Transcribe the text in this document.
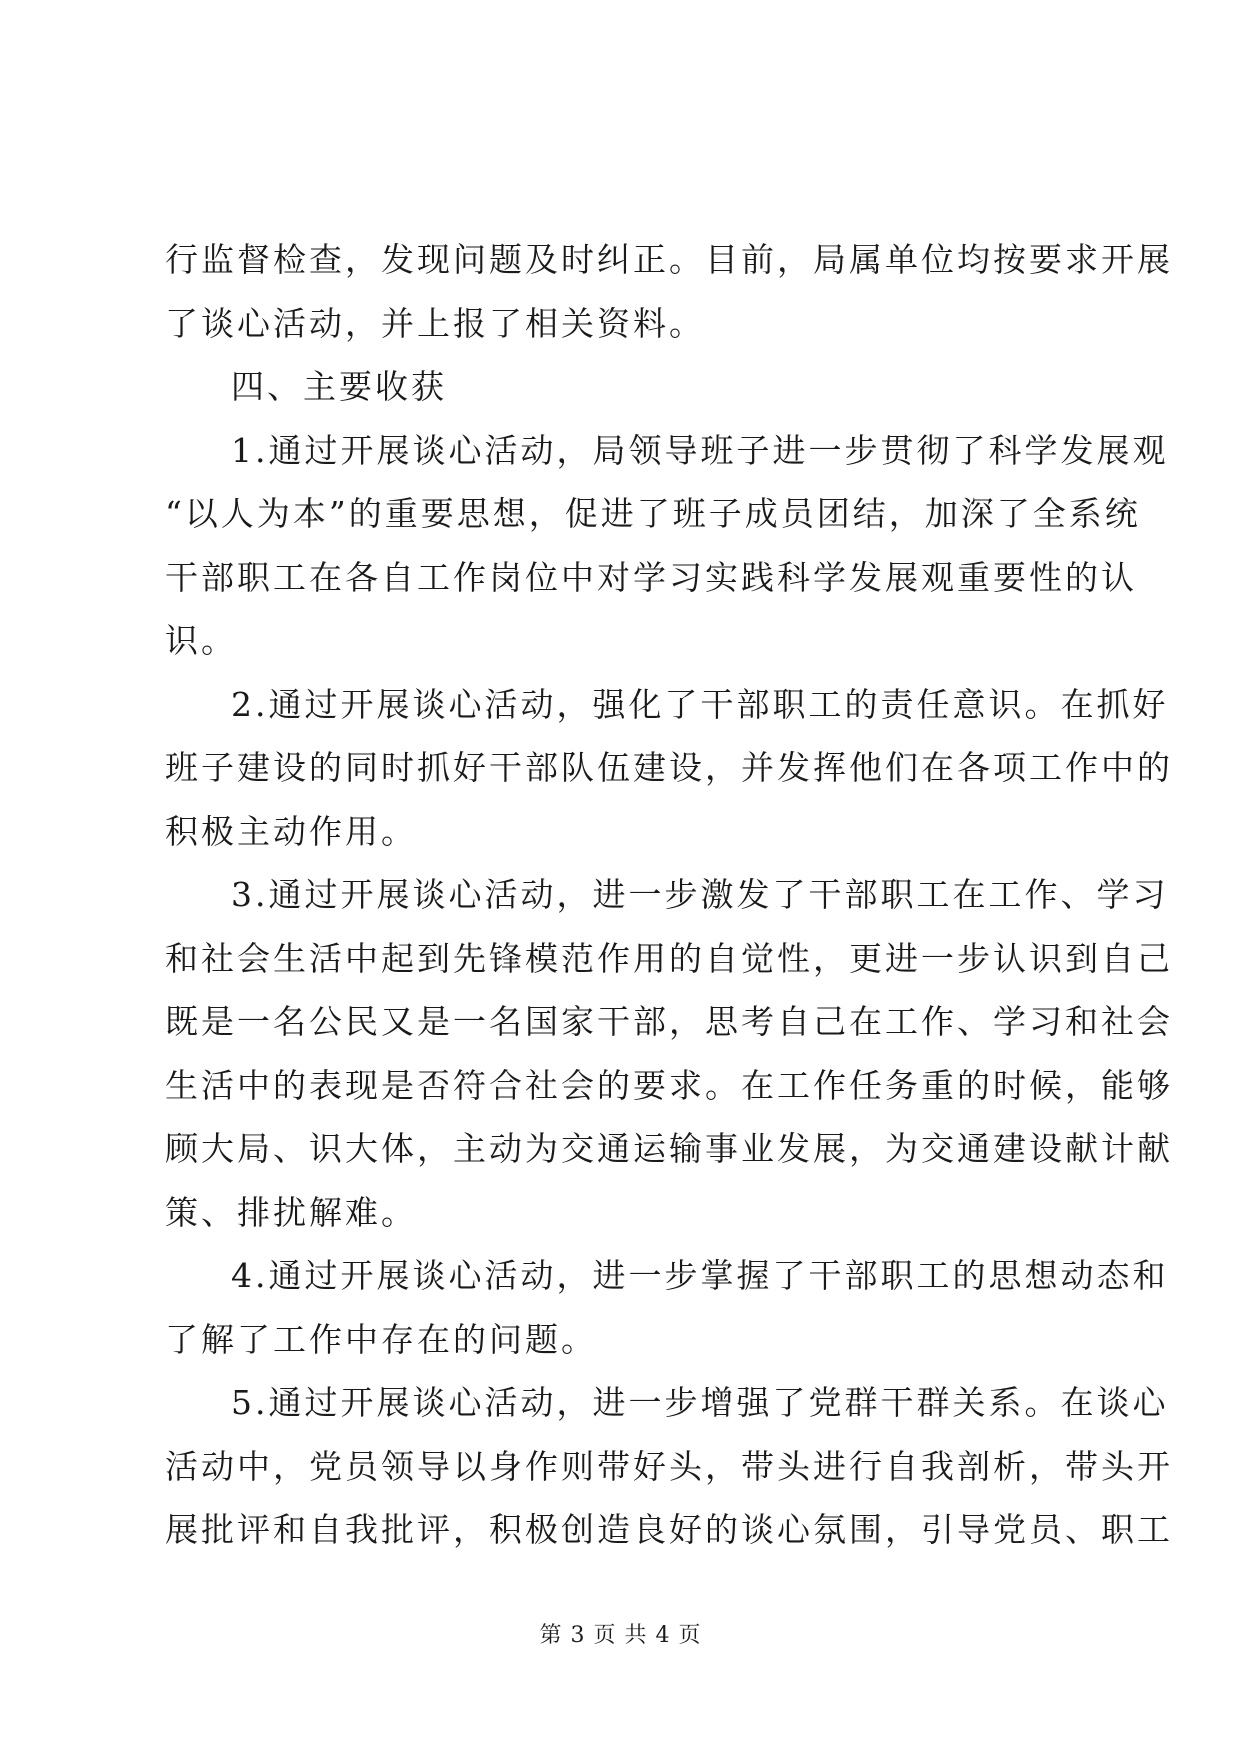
行监督检查，发现问题及时纠正。目前，局属单位均按要求开展
了谈心活动，并上报了相关资料。
四、主要收获
1.通过开展谈心活动，局领导班子进一步贯彻了科学发展观
“以人为本”的重要思想，促进了班子成员团结，加深了全系统
干部职工在各自工作岗位中对学习实践科学发展观重要性的认
识。
2.通过开展谈心活动，强化了干部职工的责任意识。在抓好
班子建设的同时抓好干部队伍建设，并发挥他们在各项工作中的
积极主动作用。
3.通过开展谈心活动，进一步激发了干部职工在工作、学习
和社会生活中起到先锋模范作用的自觉性，更进一步认识到自己
既是一名公民又是一名国家干部，思考自己在工作、学习和社会
生活中的表现是否符合社会的要求。在工作任务重的时候，能够
顾大局、识大体，主动为交通运输事业发展，为交通建设献计献
策、排扰解难。
4.通过开展谈心活动，进一步掌握了干部职工的思想动态和
了解了工作中存在的问题。
5.通过开展谈心活动，进一步增强了党群干群关系。在谈心
活动中，党员领导以身作则带好头，带头进行自我剖析，带头开
展批评和自我批评，积极创造良好的谈心氛围，引导党员、职工
第 3 页 共 4 页
